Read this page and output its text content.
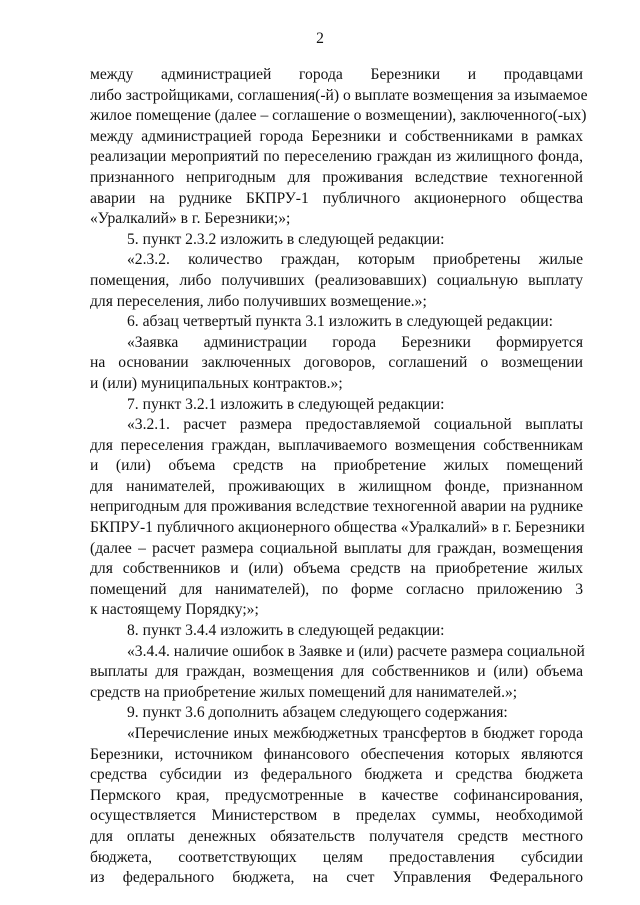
2
между администрацией города Березники и продавцами
либо застройщиками, соглашения(-й) о выплате возмещения за изымаемое
жилое помещение (далее – соглашение о возмещении), заключенного(-ых)
между администрацией города Березники и собственниками в рамках
реализации мероприятий по переселению граждан из жилищного фонда,
признанного непригодным для проживания вследствие техногенной
аварии на руднике БКПРУ-1 публичного акционерного общества
«Уралкалий» в г. Березники;»;
5. пункт 2.3.2 изложить в следующей редакции:
«2.3.2. количество граждан, которым приобретены жилые
помещения, либо получивших (реализовавших) социальную выплату
для переселения, либо получивших возмещение.»;
6. абзац четвертый пункта 3.1 изложить в следующей редакции:
«Заявка администрации города Березники формируется
на основании заключенных договоров, соглашений о возмещении
и (или) муниципальных контрактов.»;
7. пункт 3.2.1 изложить в следующей редакции:
«3.2.1. расчет размера предоставляемой социальной выплаты
для переселения граждан, выплачиваемого возмещения собственникам
и (или) объема средств на приобретение жилых помещений
для нанимателей, проживающих в жилищном фонде, признанном
непригодным для проживания вследствие техногенной аварии на руднике
БКПРУ-1 публичного акционерного общества «Уралкалий» в г. Березники
(далее – расчет размера социальной выплаты для граждан, возмещения
для собственников и (или) объема средств на приобретение жилых
помещений для нанимателей), по форме согласно приложению 3
к настоящему Порядку;»;
8. пункт 3.4.4 изложить в следующей редакции:
«3.4.4. наличие ошибок в Заявке и (или) расчете размера социальной
выплаты для граждан, возмещения для собственников и (или) объема
средств на приобретение жилых помещений для нанимателей.»;
9. пункт 3.6 дополнить абзацем следующего содержания:
«Перечисление иных межбюджетных трансфертов в бюджет города
Березники, источником финансового обеспечения которых являются
средства субсидии из федерального бюджета и средства бюджета
Пермского края, предусмотренные в качестве софинансирования,
осуществляется Министерством в пределах суммы, необходимой
для оплаты денежных обязательств получателя средств местного
бюджета, соответствующих целям предоставления субсидии
из федерального бюджета, на счет Управления Федерального
